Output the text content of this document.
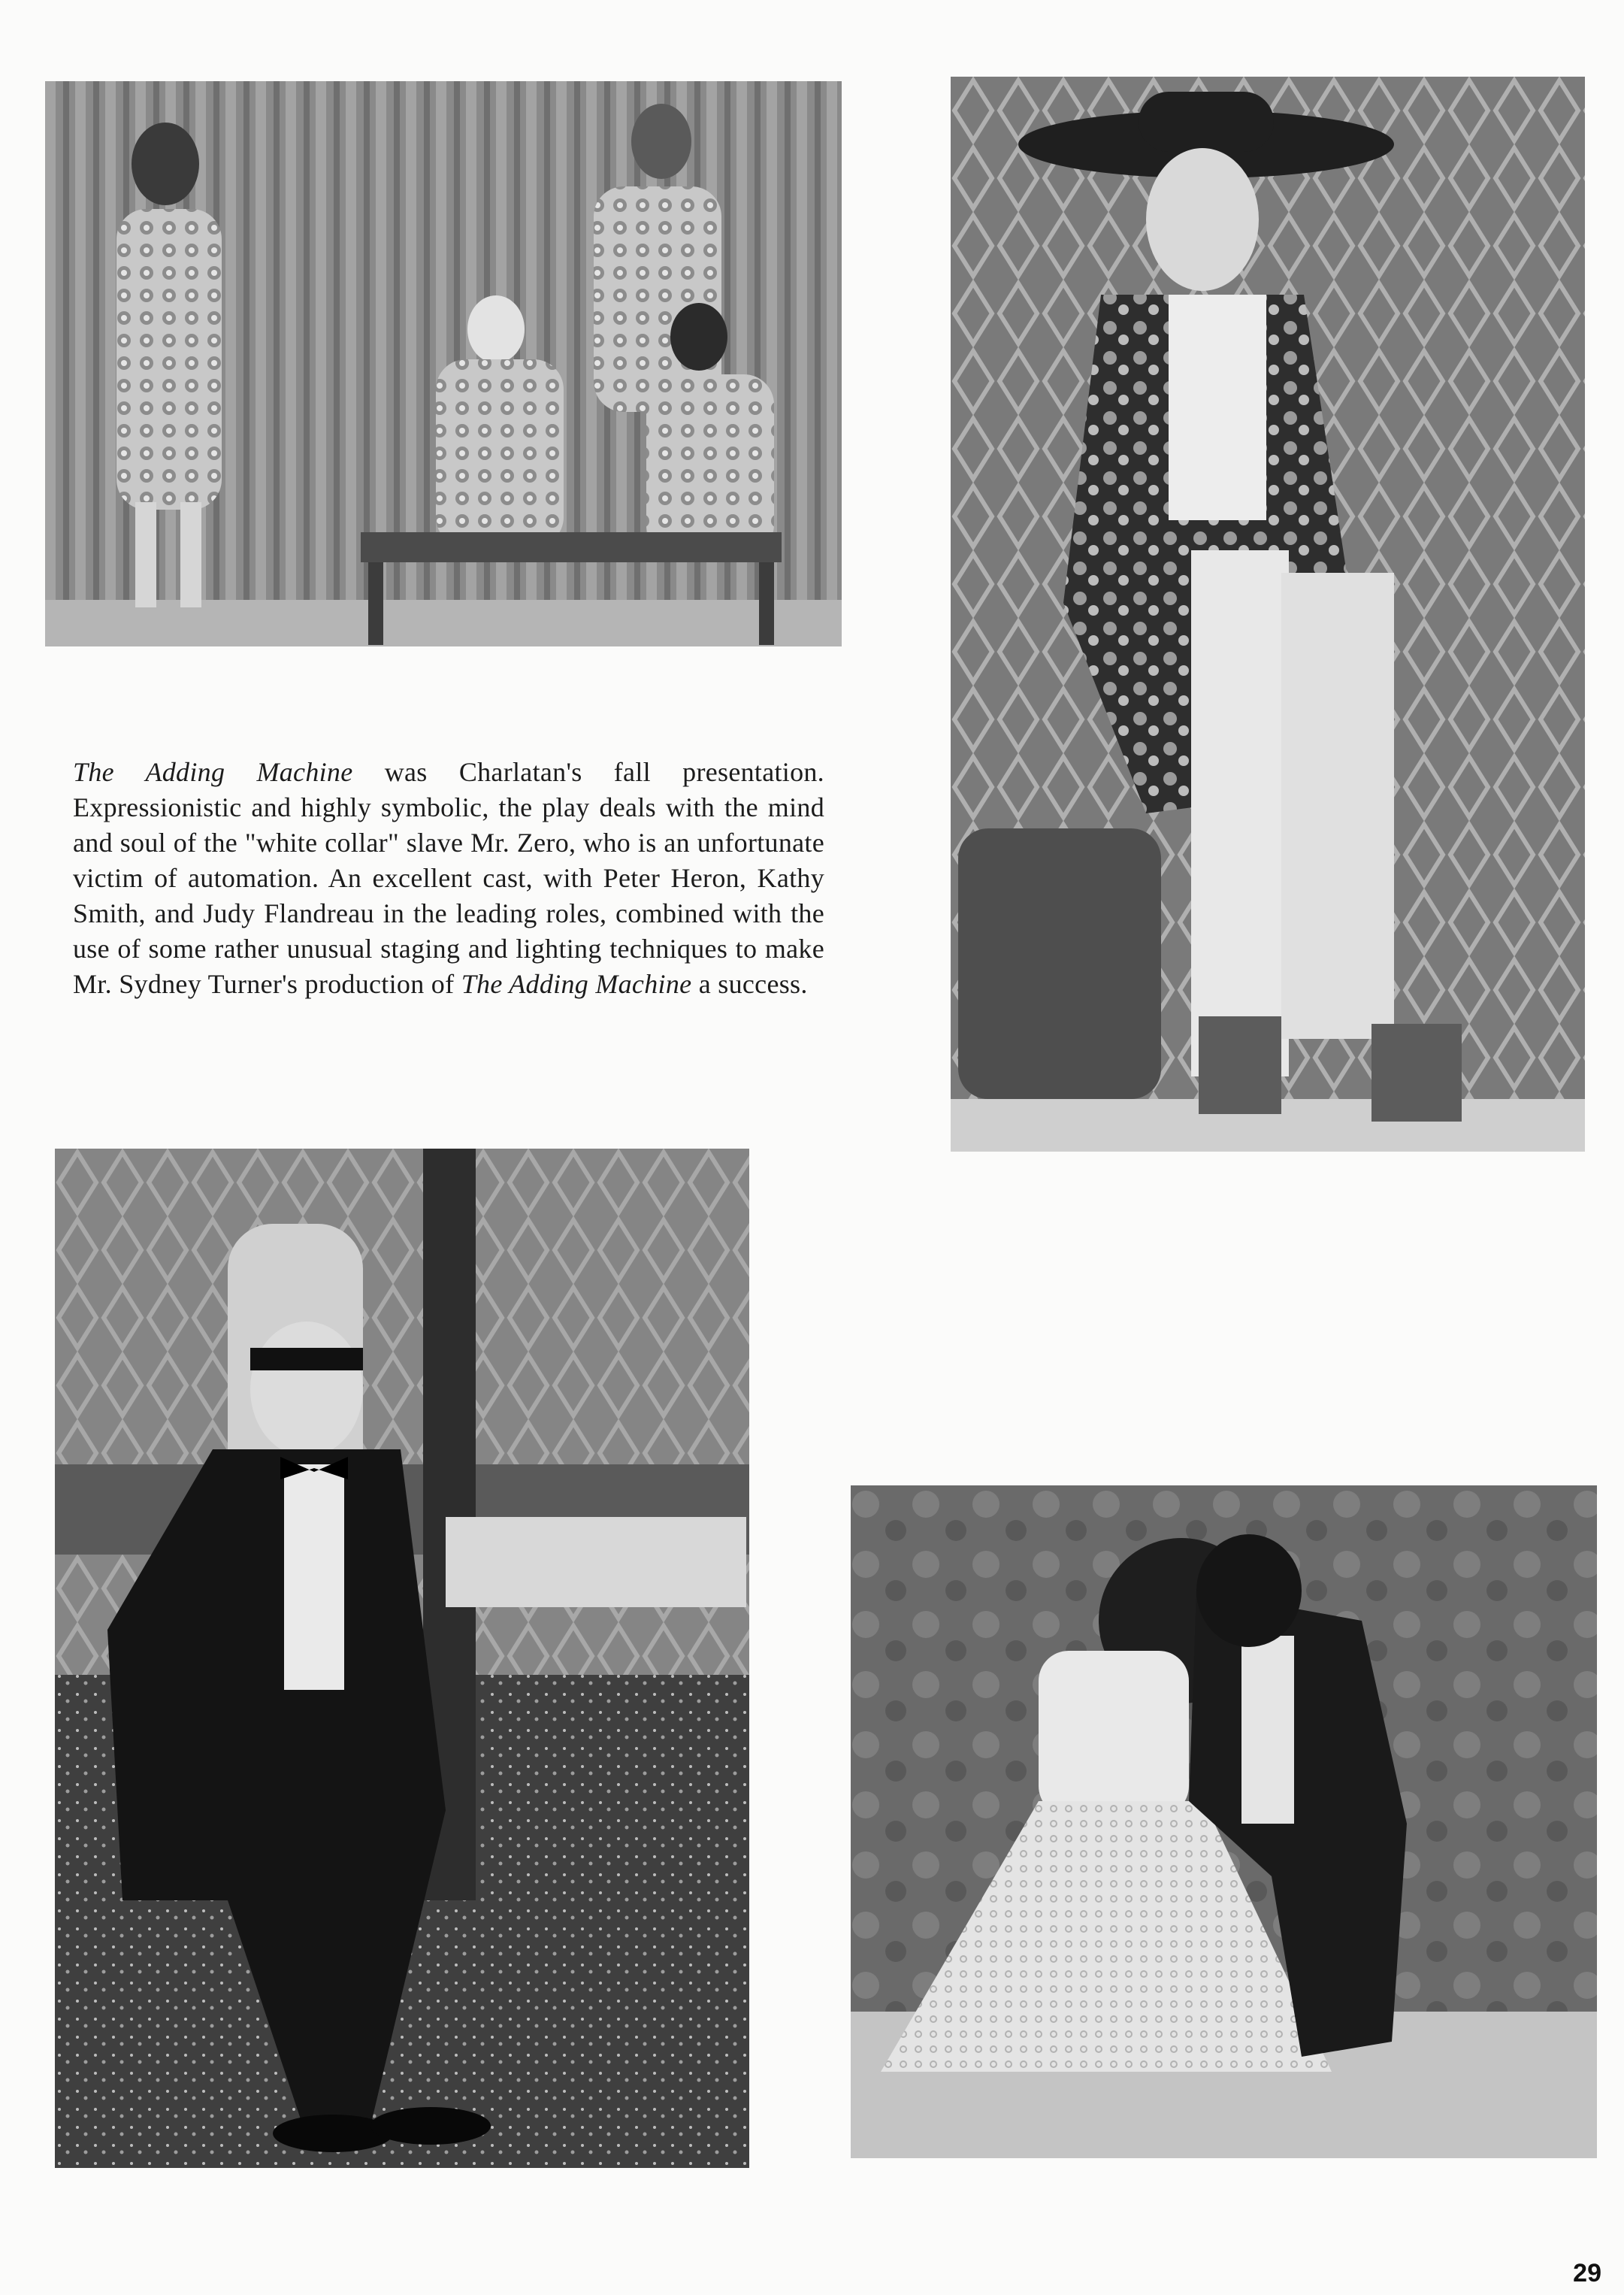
The Adding Machine was Charlatan's fall presentation. Expressionistic and highly symbolic, the play deals with the mind and soul of the "white collar" slave Mr. Zero, who is an unfortunate victim of automation. An excellent cast, with Peter Heron, Kathy Smith, and Judy Flandreau in the leading roles, combined with the use of some rather unusual staging and lighting techniques to make Mr. Sydney Turner's production of The Adding Machine a success.

29
